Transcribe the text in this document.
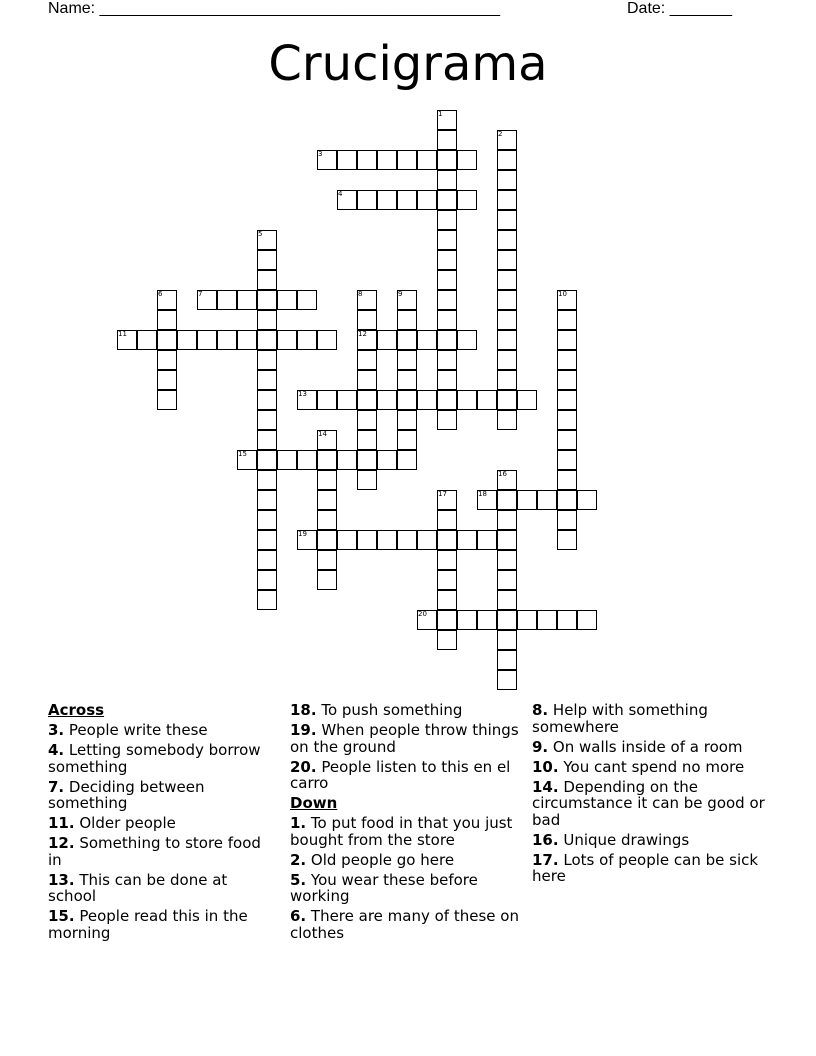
Name: _____________________________________________	Date: _______
Crucigrama
1
2
3
4
5
6	7	8
12
9	10
11
13
14
15
16
17	18
19
20
Across
3. People write these
4. Letting somebody borrow something
7. Deciding between something
11. Older people
12. Something to store food in
13. This can be done at school
15. People read this in the morning
18. To push something
19. When people throw things on the ground
20. People listen to this en el carro
Down
1. To put food in that you just bought from the store
2. Old people go here
5. You wear these before working
6. There are many of these on clothes
8. Help with something somewhere
9. On walls inside of a room
10. You cant spend no more
14. Depending on the circumstance it can be good or bad
16. Unique drawings
17. Lots of people can be sick here
